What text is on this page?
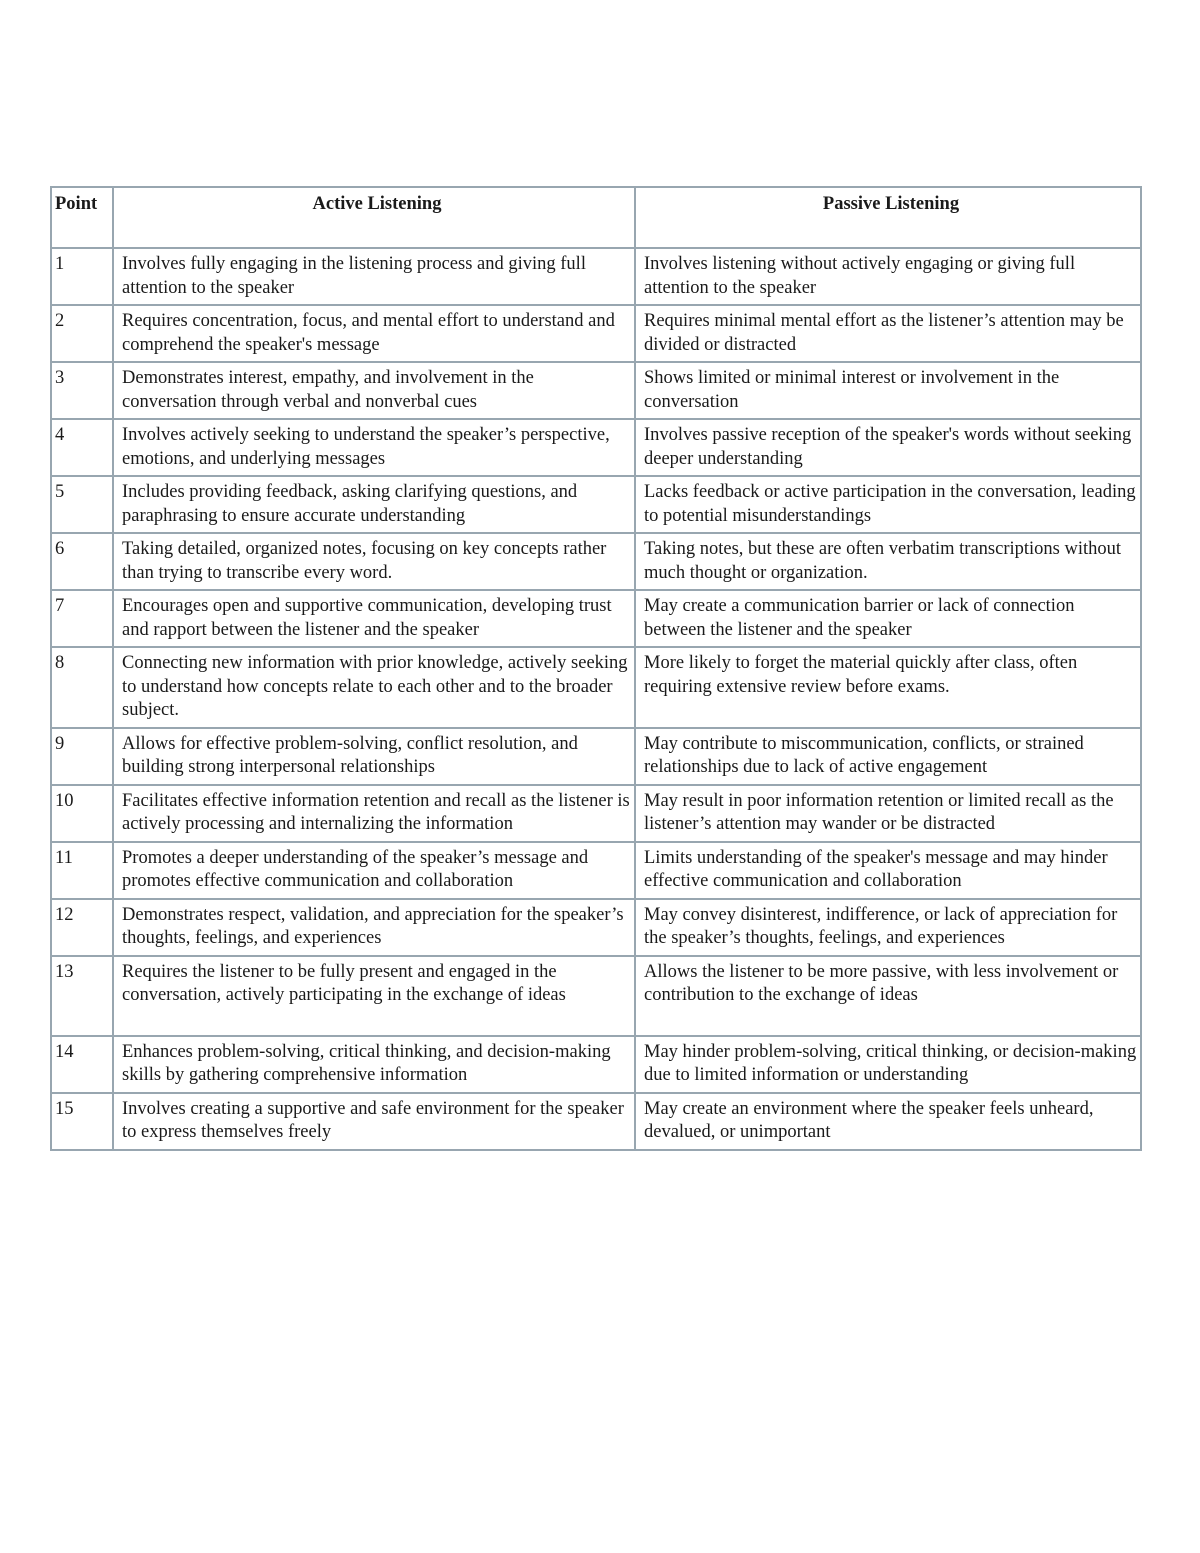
Point	Active Listening	Passive Listening
1	Involves fully engaging in the listening process and giving full attention to the speaker	Involves listening without actively engaging or giving full attention to the speaker
2	Requires concentration, focus, and mental effort to understand and comprehend the speaker's message	Requires minimal mental effort as the listener’s attention may be divided or distracted
3	Demonstrates interest, empathy, and involvement in the conversation through verbal and nonverbal cues	Shows limited or minimal interest or involvement in the conversation
4	Involves actively seeking to understand the speaker’s perspective, emotions, and underlying messages	Involves passive reception of the speaker's words without seeking deeper understanding
5	Includes providing feedback, asking clarifying questions, and paraphrasing to ensure accurate understanding	Lacks feedback or active participation in the conversation, leading to potential misunderstandings
6	Taking detailed, organized notes, focusing on key concepts rather than trying to transcribe every word.	Taking notes, but these are often verbatim transcriptions without much thought or organization.
7	Encourages open and supportive communication, developing trust and rapport between the listener and the speaker	May create a communication barrier or lack of connection between the listener and the speaker
8	Connecting new information with prior knowledge, actively seeking to understand how concepts relate to each other and to the broader subject.	More likely to forget the material quickly after class, often requiring extensive review before exams.
9	Allows for effective problem-solving, conflict resolution, and building strong interpersonal relationships	May contribute to miscommunication, conflicts, or strained relationships due to lack of active engagement
10	Facilitates effective information retention and recall as the listener is actively processing and internalizing the information	May result in poor information retention or limited recall as the listener’s attention may wander or be distracted
11	Promotes a deeper understanding of the speaker’s message and promotes effective communication and collaboration	Limits understanding of the speaker's message and may hinder effective communication and collaboration
12	Demonstrates respect, validation, and appreciation for the speaker’s thoughts, feelings, and experiences	May convey disinterest, indifference, or lack of appreciation for the speaker’s thoughts, feelings, and experiences
13	Requires the listener to be fully present and engaged in the conversation, actively participating in the exchange of ideas	Allows the listener to be more passive, with less involvement or contribution to the exchange of ideas
14	Enhances problem-solving, critical thinking, and decision-making skills by gathering comprehensive information	May hinder problem-solving, critical thinking, or decision-making due to limited information or understanding
15	Involves creating a supportive and safe environment for the speaker to express themselves freely	May create an environment where the speaker feels unheard, devalued, or unimportant
